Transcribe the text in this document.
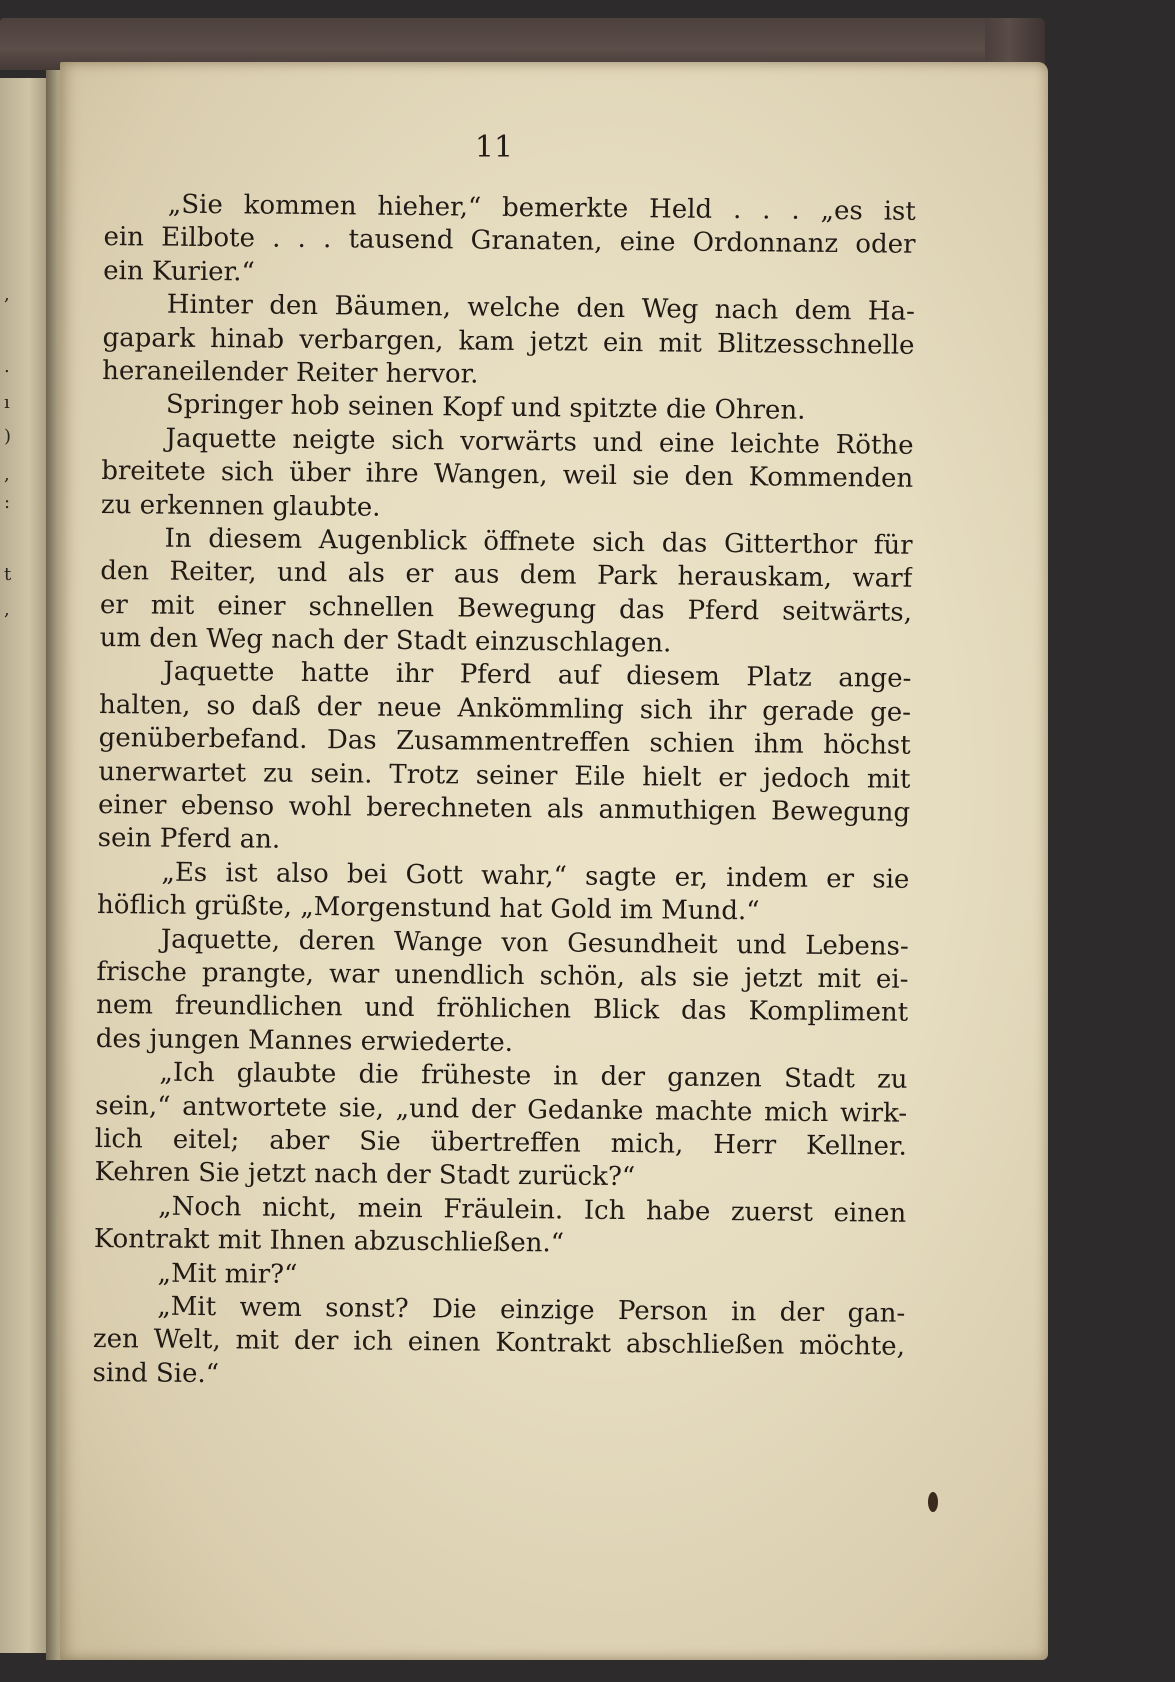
,
.
ı
)
,
:
t
,
11
„Sie kommen hieher,“ bemerkte Held . . . „es ist
ein Eilbote . . . tausend Granaten, eine Ordonnanz oder
ein Kurier.“
Hinter den Bäumen, welche den Weg nach dem Ha-
gapark hinab verbargen, kam jetzt ein mit Blitzesschnelle
heraneilender Reiter hervor.
Springer hob seinen Kopf und spitzte die Ohren.
Jaquette neigte sich vorwärts und eine leichte Röthe
breitete sich über ihre Wangen, weil sie den Kommenden
zu erkennen glaubte.
In diesem Augenblick öffnete sich das Gitterthor für
den Reiter, und als er aus dem Park herauskam, warf
er mit einer schnellen Bewegung das Pferd seitwärts,
um den Weg nach der Stadt einzuschlagen.
Jaquette hatte ihr Pferd auf diesem Platz ange-
halten, so daß der neue Ankömmling sich ihr gerade ge-
genüberbefand. Das Zusammentreffen schien ihm höchst
unerwartet zu sein. Trotz seiner Eile hielt er jedoch mit
einer ebenso wohl berechneten als anmuthigen Bewegung
sein Pferd an.
„Es ist also bei Gott wahr,“ sagte er, indem er sie
höflich grüßte, „Morgenstund hat Gold im Mund.“
Jaquette, deren Wange von Gesundheit und Lebens-
frische prangte, war unendlich schön, als sie jetzt mit ei-
nem freundlichen und fröhlichen Blick das Kompliment
des jungen Mannes erwiederte.
„Ich glaubte die früheste in der ganzen Stadt zu
sein,“ antwortete sie, „und der Gedanke machte mich wirk-
lich eitel; aber Sie übertreffen mich, Herr Kellner.
Kehren Sie jetzt nach der Stadt zurück?“
„Noch nicht, mein Fräulein. Ich habe zuerst einen
Kontrakt mit Ihnen abzuschließen.“
„Mit mir?“
„Mit wem sonst? Die einzige Person in der gan-
zen Welt, mit der ich einen Kontrakt abschließen möchte,
sind Sie.“
